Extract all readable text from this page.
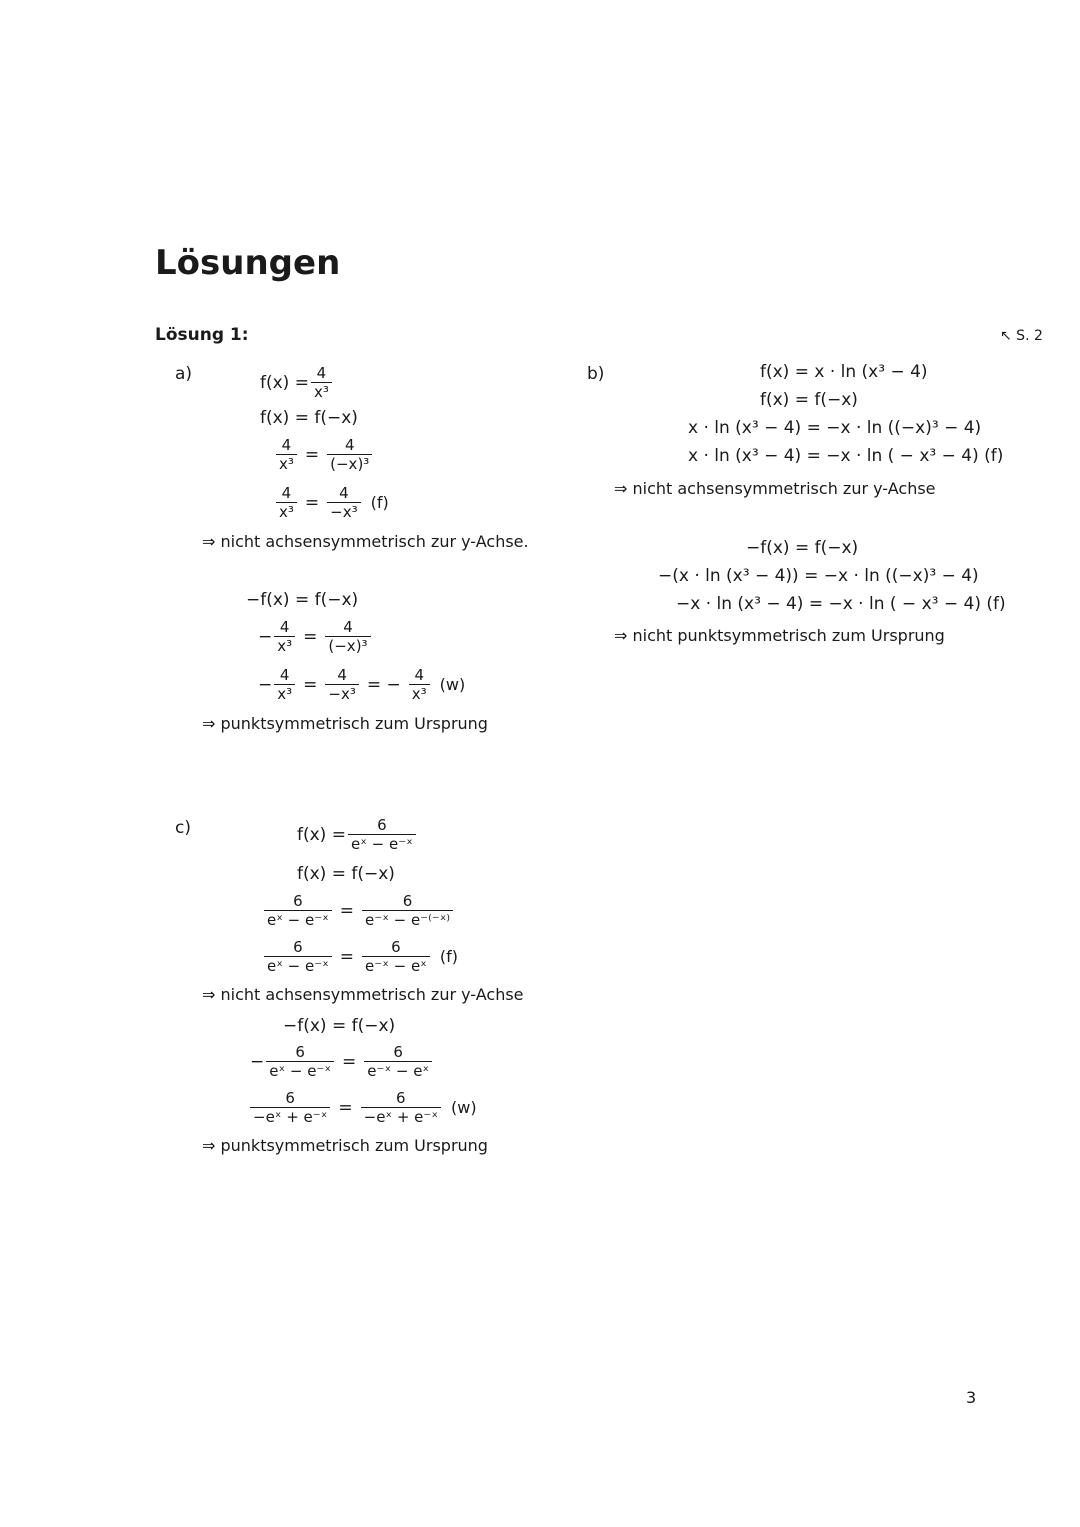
Lösungen
Lösung 1:	↖ S. 2
a)	$f(x) = \frac{4}{\text{x³}}$
f(x) = f(−x)
$\frac{4}{\text{x³}} = \frac{4}{\text{(−x)³}}$
$\frac{4}{\text{x³}} = \frac{4}{\text{−x³}} (f)$
⇒ nicht achsensymmetrisch zur y-Achse.
−f(x) = f(−x)
− $\frac{4}{\text{x³}} = \frac{4}{\text{(−x)³}}$
− $\frac{4}{\text{x³}} = \frac{4}{\text{−x³}}$ = − $\frac{4}{\text{x³}} (w)$
⇒ punktsymmetrisch zum Ursprung
b)	f(x) = x · ln (x³ − 4)
f(x) = f(−x)
x · ln (x³ − 4) = −x · ln ((−x)³ − 4)
x · ln (x³ − 4) = −x · ln ( − x³ − 4) (f)
⇒ nicht achsensymmetrisch zur y-Achse
−f(x) = f(−x)
−(x · ln (x³ − 4)) = −x · ln ((−x)³ − 4)
−x · ln (x³ − 4) = −x · ln ( − x³ − 4) (f)
⇒ nicht punktsymmetrisch zum Ursprung
c)	$f(x) = \frac{6}{\text{eˣ − e⁻ˣ}}$
f(x) = f(−x)
$\frac{6}{\text{eˣ − e⁻ˣ}} = \frac{6}{\text{e⁻ˣ − e⁻⁽⁻ˣ⁾}}$
$\frac{6}{\text{eˣ − e⁻ˣ}} = \frac{6}{\text{e⁻ˣ − eˣ}} (f)$
⇒ nicht achsensymmetrisch zur y-Achse
−f(x) = f(−x)
− $\frac{6}{\text{eˣ − e⁻ˣ}} = \frac{6}{\text{e⁻ˣ − eˣ}}$
$\frac{6}{\text{−eˣ + e⁻ˣ}} = \frac{6}{\text{−eˣ + e⁻ˣ}} (w)$
⇒ punktsymmetrisch zum Ursprung
3
